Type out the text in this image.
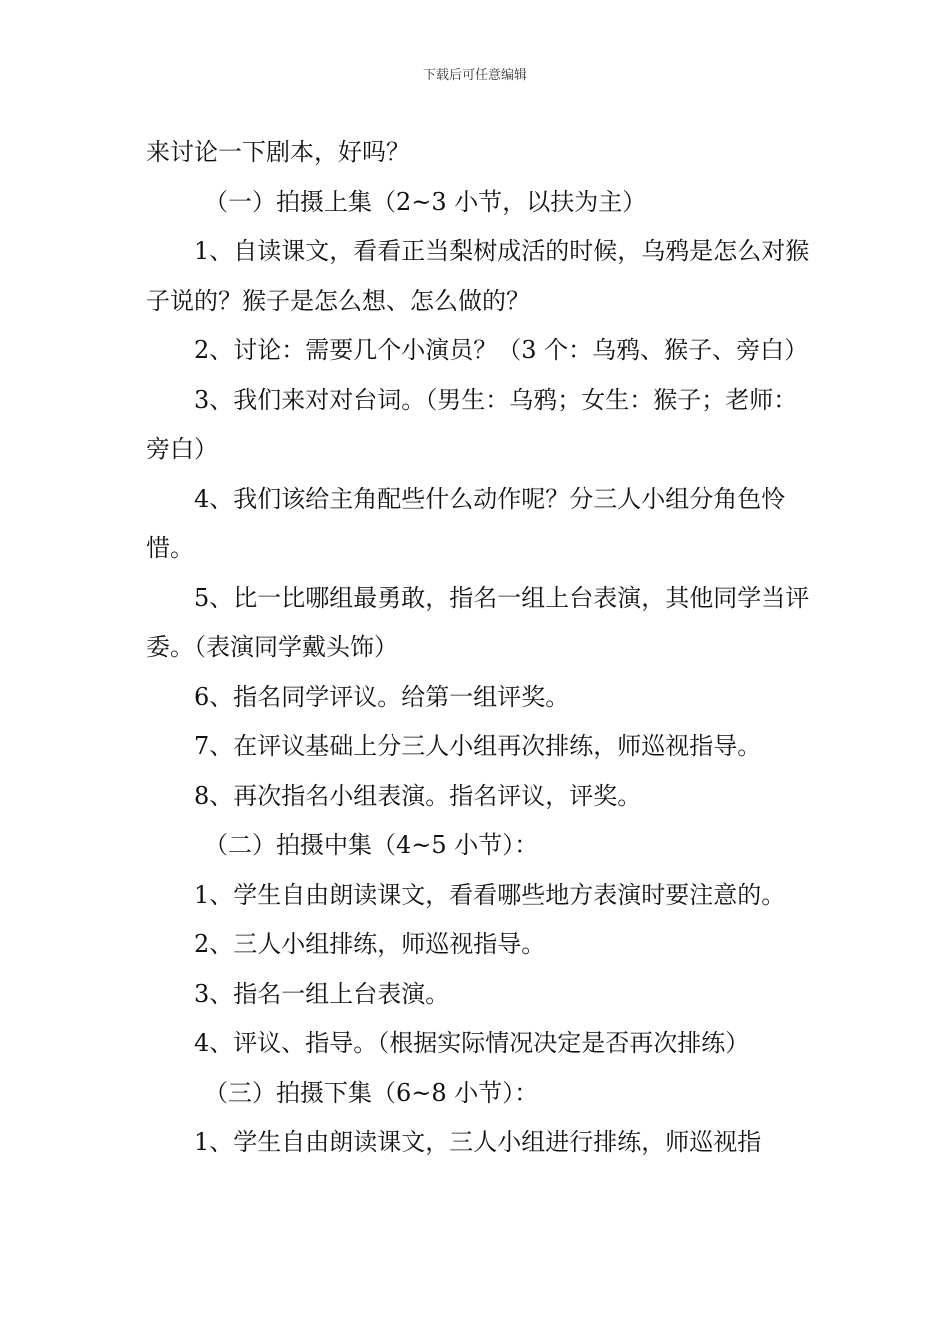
下载后可任意编辑

来讨论一下剧本，好吗？

（一）拍摄上集（2~3 小节，以扶为主）

1、自读课文，看看正当梨树成活的时候，乌鸦是怎么对猴子说的？猴子是怎么想、怎么做的？

2、讨论：需要几个小演员？（3 个：乌鸦、猴子、旁白）

3、我们来对对台词。（男生：乌鸦；女生：猴子；老师：旁白）

4、我们该给主角配些什么动作呢？分三人小组分角色怜惜。

5、比一比哪组最勇敢，指名一组上台表演，其他同学当评委。（表演同学戴头饰）

6、指名同学评议。给第一组评奖。

7、在评议基础上分三人小组再次排练，师巡视指导。

8、再次指名小组表演。指名评议，评奖。

（二）拍摄中集（4~5 小节）：

1、学生自由朗读课文，看看哪些地方表演时要注意的。

2、三人小组排练，师巡视指导。

3、指名一组上台表演。

4、评议、指导。（根据实际情况决定是否再次排练）

（三）拍摄下集（6~8 小节）：

1、学生自由朗读课文，三人小组进行排练，师巡视指
